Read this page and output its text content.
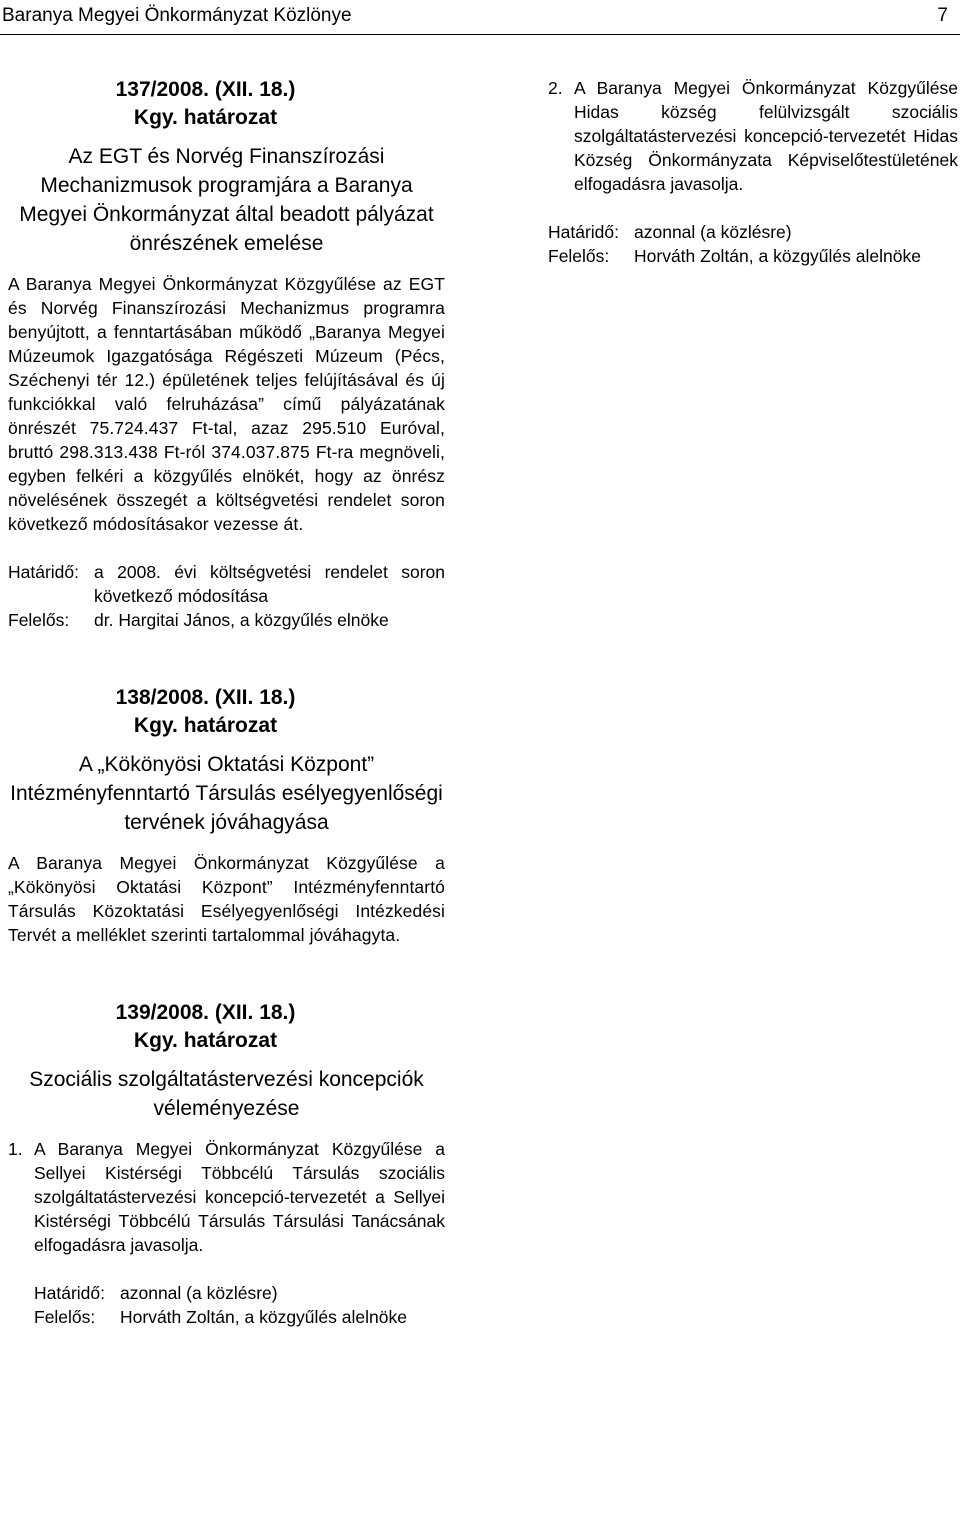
Baranya Megyei Önkormányzat Közlönye	7

137/2008. (XII. 18.)

Kgy. határozat

Az EGT és Norvég Finanszírozási Mechanizmusok programjára a Baranya Megyei Önkormányzat által beadott pályázat önrészének emelése

A Baranya Megyei Önkormányzat Közgyűlése az EGT és Norvég Finanszírozási Mechanizmus programra benyújtott, a fenntartásában működő „Baranya Megyei Múzeumok Igazgatósága Régészeti Múzeum (Pécs, Széchenyi tér 12.) épületének teljes felújításával és új funkciókkal való felruházása” című pályázatának önrészét 75.724.437 Ft-tal, azaz 295.510 Euróval, bruttó 298.313.438 Ft-ról 374.037.875 Ft-ra megnöveli, egyben felkéri a közgyűlés elnökét, hogy az önrész növelésének összegét a költségvetési rendelet soron következő módosításakor vezesse át.

Határidő: a 2008. évi költségvetési rendelet soron következő módosítása
Felelős:	dr. Hargitai János, a közgyűlés elnöke

138/2008. (XII. 18.)

Kgy. határozat

A „Kökönyösi Oktatási Központ” Intézményfenntartó Társulás esélyegyenlőségi tervének jóváhagyása

A Baranya Megyei Önkormányzat Közgyűlése a „Kökönyösi Oktatási Központ” Intézményfenntartó Társulás Közoktatási Esélyegyenlőségi Intézkedési Tervét a melléklet szerinti tartalommal jóváhagyta.

139/2008. (XII. 18.)

Kgy. határozat

Szociális szolgáltatástervezési koncepciók véleményezése
1. A Baranya Megyei Önkormányzat Közgyűlése a Sellyei Kistérségi Többcélú Társulás szociális szolgáltatástervezési koncepció-tervezetét a Sellyei Kistérségi Többcélú Társulás Társulási Tanácsának elfogadásra javasolja.
Határidő: azonnal (a közlésre)
Felelős:	Horváth Zoltán, a közgyűlés alelnöke
2. A Baranya Megyei Önkormányzat Közgyűlése Hidas község felülvizsgált szociális szolgáltatástervezési koncepció-tervezetét Hidas Község Önkormányzata Képviselőtestületének elfogadásra javasolja.
Határidő: azonnal (a közlésre)
Felelős:	Horváth Zoltán, a közgyűlés alelnöke
